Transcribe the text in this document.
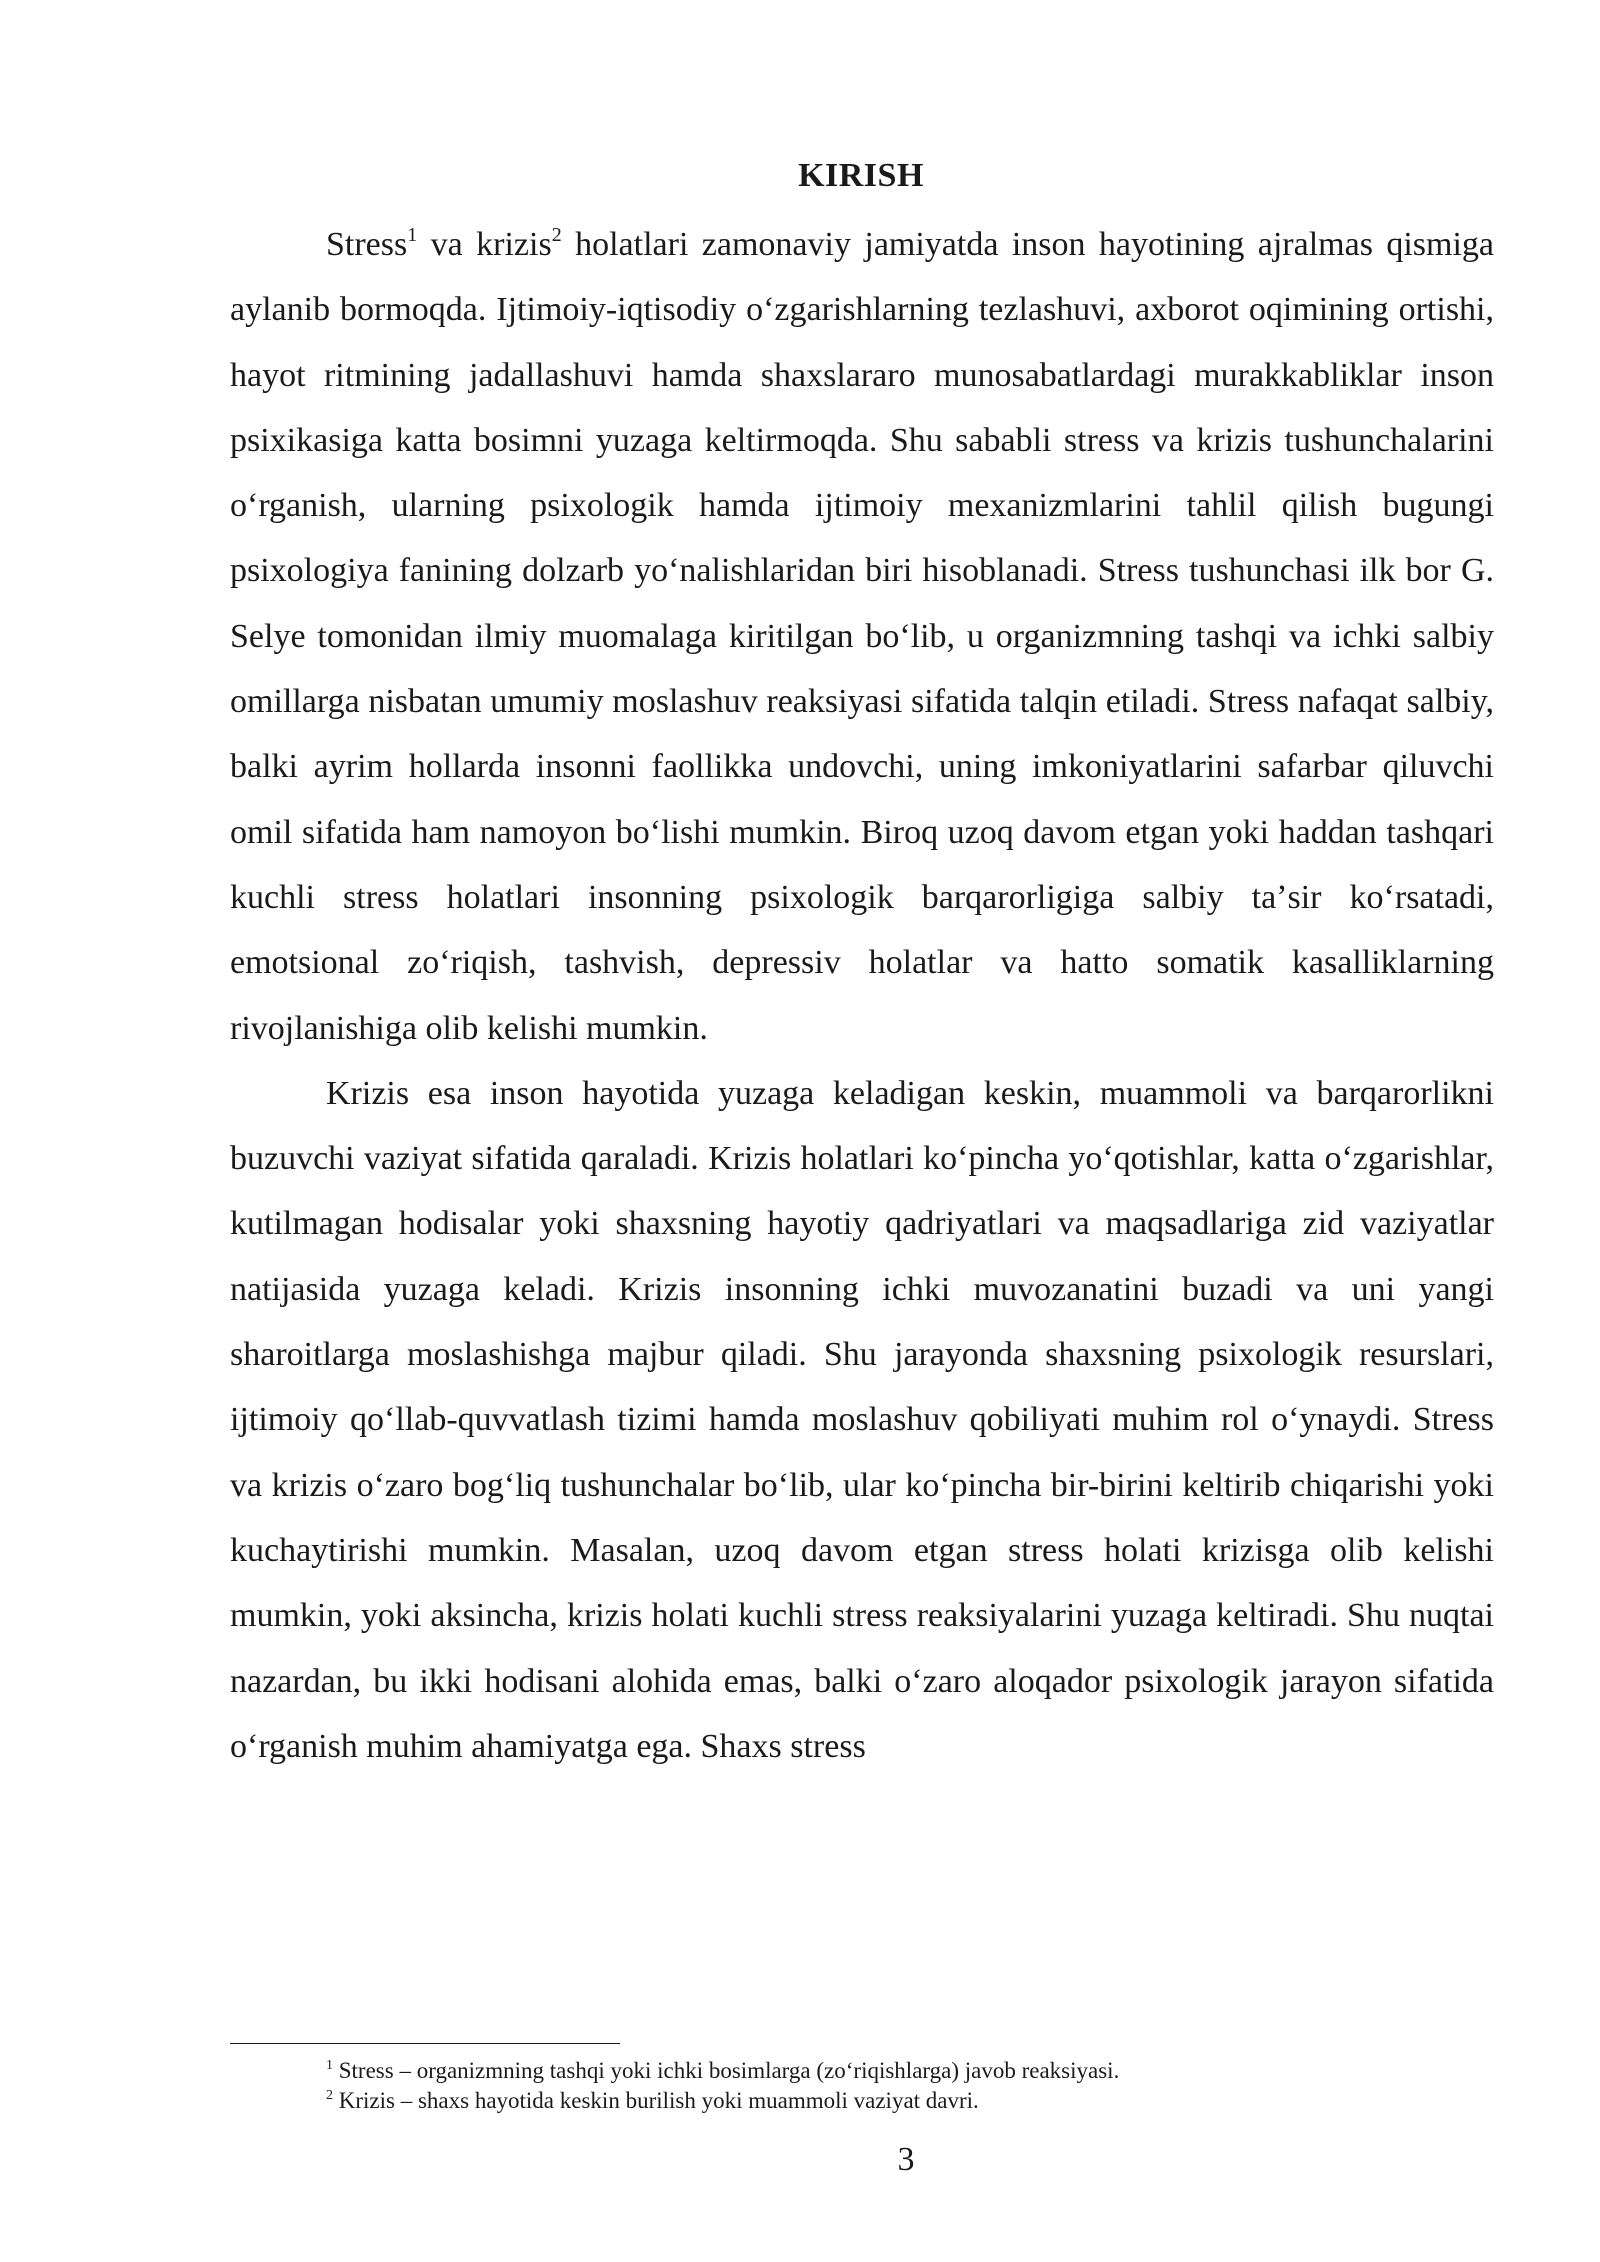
KIRISH

Stress$^1$ va krizis$^2$ holatlari zamonaviy jamiyatda inson hayotining ajralmas qismiga aylanib bormoqda. Ijtimoiy-iqtisodiy oʻzgarishlarning tezlashuvi, axborot oqimining ortishi, hayot ritmining jadallashuvi hamda shaxslararo munosabatlardagi murakkabliklar inson psixikasiga katta bosimni yuzaga keltirmoqda. Shu sababli stress va krizis tushunchalarini oʻrganish, ularning psixologik hamda ijtimoiy mexanizmlarini tahlil qilish bugungi psixologiya fanining dolzarb yoʻnalishlaridan biri hisoblanadi. Stress tushunchasi ilk bor G. Selye tomonidan ilmiy muomalaga kiritilgan boʻlib, u organizmning tashqi va ichki salbiy omillarga nisbatan umumiy moslashuv reaksiyasi sifatida talqin etiladi. Stress nafaqat salbiy, balki ayrim hollarda insonni faollikka undovchi, uning imkoniyatlarini safarbar qiluvchi omil sifatida ham namoyon boʻlishi mumkin. Biroq uzoq davom etgan yoki haddan tashqari kuchli stress holatlari insonning psixologik barqarorligiga salbiy taʼsir koʻrsatadi, emotsional zoʻriqish, tashvish, depressiv holatlar va hatto somatik kasalliklarning rivojlanishiga olib kelishi mumkin.

Krizis esa inson hayotida yuzaga keladigan keskin, muammoli va barqarorlikni buzuvchi vaziyat sifatida qaraladi. Krizis holatlari koʻpincha yoʻqotishlar, katta oʻzgarishlar, kutilmagan hodisalar yoki shaxsning hayotiy qadriyatlari va maqsadlariga zid vaziyatlar natijasida yuzaga keladi. Krizis insonning ichki muvozanatini buzadi va uni yangi sharoitlarga moslashishga majbur qiladi. Shu jarayonda shaxsning psixologik resurslari, ijtimoiy qoʻllab-quvvatlash tizimi hamda moslashuv qobiliyati muhim rol oʻynaydi. Stress va krizis oʻzaro bogʻliq tushunchalar boʻlib, ular koʻpincha bir-birini keltirib chiqarishi yoki kuchaytirishi mumkin. Masalan, uzoq davom etgan stress holati krizisga olib kelishi mumkin, yoki aksincha, krizis holati kuchli stress reaksiyalarini yuzaga keltiradi. Shu nuqtai nazardan, bu ikki hodisani alohida emas, balki oʻzaro aloqador psixologik jarayon sifatida oʻrganish muhim ahamiyatga ega. Shaxs stress

$^1$ Stress – organizmning tashqi yoki ichki bosimlarga (zoʻriqishlarga) javob reaksiyasi.
$^2$ Krizis – shaxs hayotida keskin burilish yoki muammoli vaziyat davri.
3
